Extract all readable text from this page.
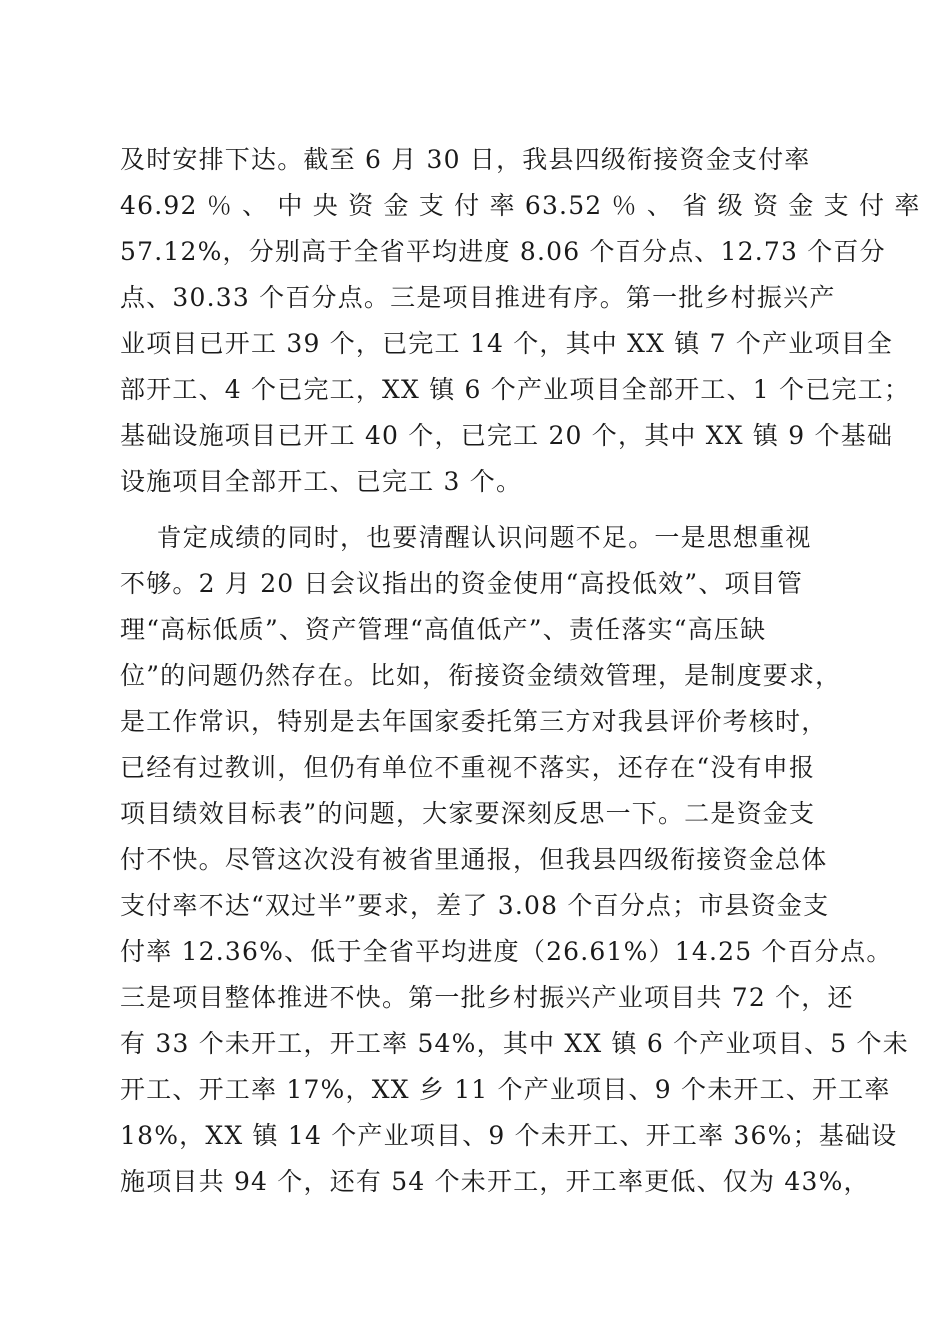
及时安排下达。截至 6 月 30 日，我县四级衔接资金支付率
46.92 ％ 、 中 央 资 金 支 付 率 63.52 ％ 、 省 级 资 金 支 付 率
57.12%，分别高于全省平均进度 8.06 个百分点、12.73 个百分
点、30.33 个百分点。三是项目推进有序。第一批乡村振兴产
业项目已开工 39 个，已完工 14 个，其中 XX 镇 7 个产业项目全
部开工、4 个已完工，XX 镇 6 个产业项目全部开工、1 个已完工；
基础设施项目已开工 40 个，已完工 20 个，其中 XX 镇 9 个基础
设施项目全部开工、已完工 3 个。
肯定成绩的同时，也要清醒认识问题不足。一是思想重视
不够。2 月 20 日会议指出的资金使用“高投低效”、项目管
理“高标低质”、资产管理“高值低产”、责任落实“高压缺
位”的问题仍然存在。比如，衔接资金绩效管理，是制度要求，
是工作常识，特别是去年国家委托第三方对我县评价考核时，
已经有过教训，但仍有单位不重视不落实，还存在“没有申报
项目绩效目标表”的问题，大家要深刻反思一下。二是资金支
付不快。尽管这次没有被省里通报，但我县四级衔接资金总体
支付率不达“双过半”要求，差了 3.08 个百分点；市县资金支
付率 12.36%、低于全省平均进度（26.61%）14.25 个百分点。
三是项目整体推进不快。第一批乡村振兴产业项目共 72 个，还
有 33 个未开工，开工率 54%，其中 XX 镇 6 个产业项目、5 个未
开工、开工率 17%，XX 乡 11 个产业项目、9 个未开工、开工率
18%，XX 镇 14 个产业项目、9 个未开工、开工率 36%；基础设
施项目共 94 个，还有 54 个未开工，开工率更低、仅为 43%，
